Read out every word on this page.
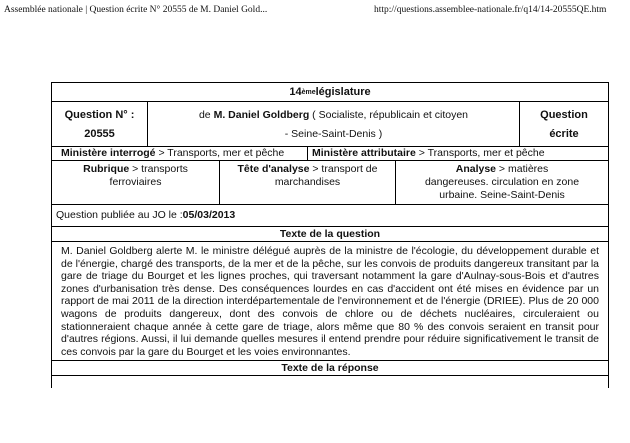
Assemblée nationale | Question écrite N° 20555 de M. Daniel Gold...	http://questions.assemblee-nationale.fr/q14/14-20555QE.htm
14 ème législature
Question N° :
20555
de M. Daniel Goldberg ( Socialiste, républicain et citoyen
- Seine-Saint-Denis )
Question
écrite
Ministère interrogé > Transports, mer et pêche	Ministère attributaire > Transports, mer et pêche
Rubrique > transports
ferroviaires
Tête d'analyse > transport de
marchandises
Analyse > matières
dangereuses. circulation en zone
urbaine. Seine-Saint-Denis
Question publiée au JO le : 05/03/2013
Texte de la question
M. Daniel Goldberg alerte M. le ministre délégué auprès de la ministre de l'écologie, du développement durable et de l'énergie, chargé des transports, de la mer et de la pêche, sur les convois de produits dangereux transitant par la gare de triage du Bourget et les lignes proches, qui traversant notamment la gare d'Aulnay-sous-Bois et d'autres zones d'urbanisation très dense. Des conséquences lourdes en cas d'accident ont été mises en évidence par un rapport de mai 2011 de la direction interdépartementale de l'environnement et de l'énergie (DRIEE). Plus de 20 000 wagons de produits dangereux, dont des convois de chlore ou de déchets nucléaires, circuleraient ou stationneraient chaque année à cette gare de triage, alors même que 80 % des convois seraient en transit pour d'autres régions. Aussi, il lui demande quelles mesures il entend prendre pour réduire significativement le transit de ces convois par la gare du Bourget et les voies environnantes.
Texte de la réponse
